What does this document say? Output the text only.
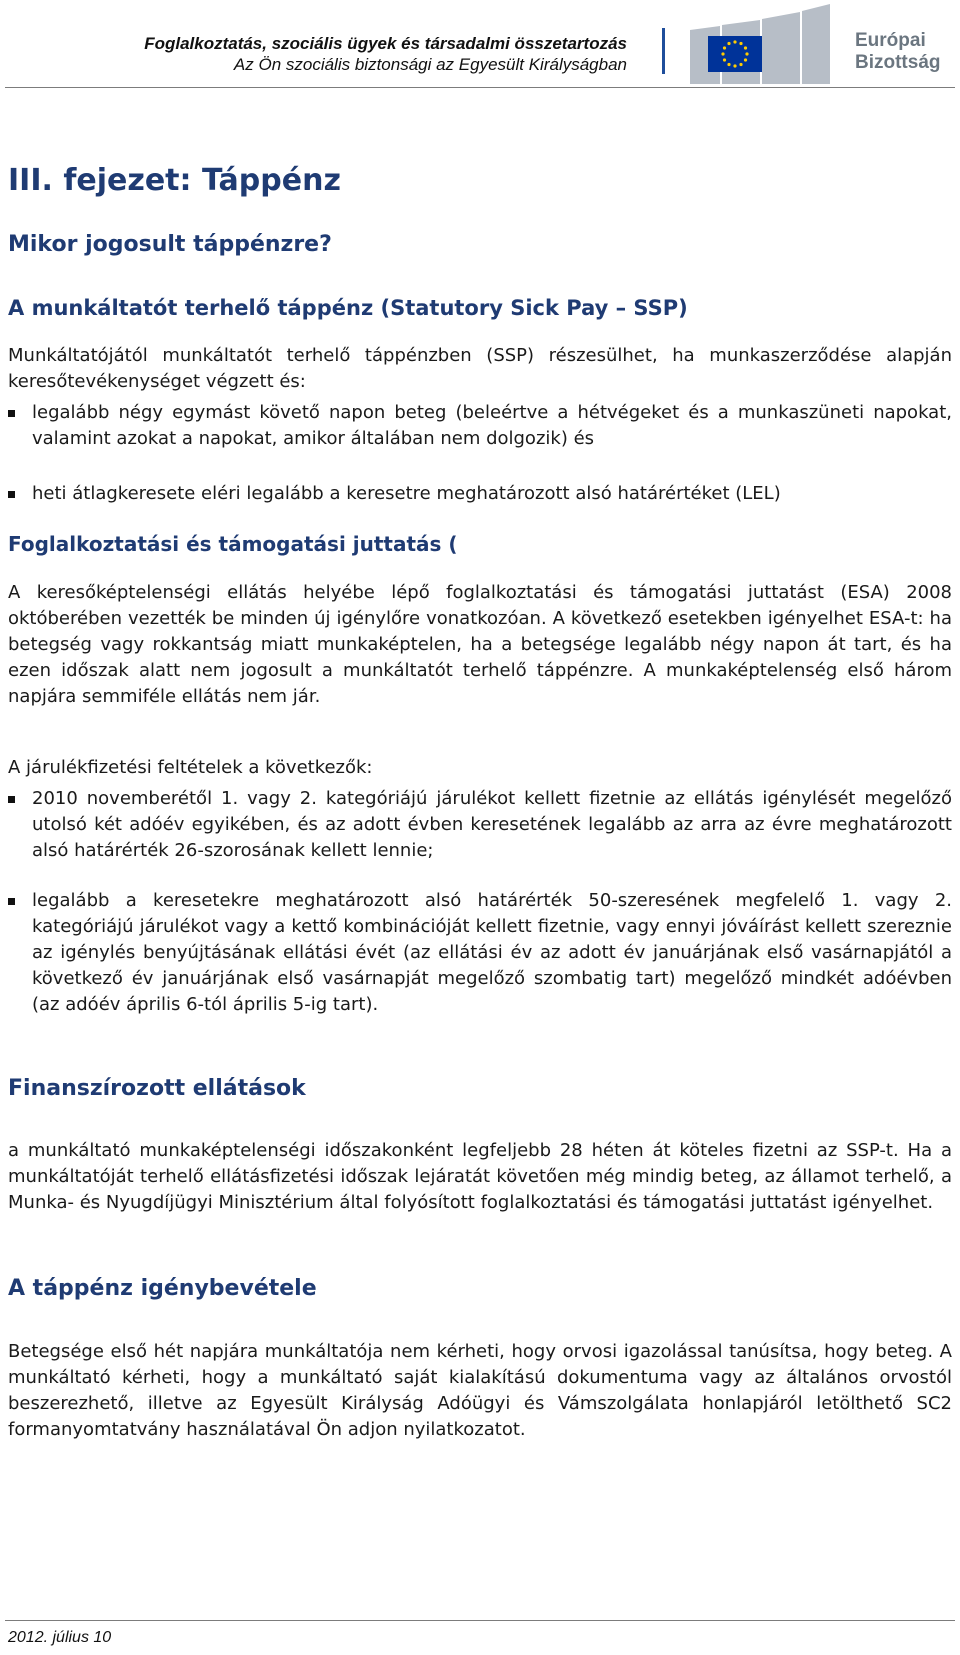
Foglalkoztatás, szociális ügyek és társadalmi összetartozás
Az Ön szociális biztonsági az Egyesült Királyságban
Európai
Bizottság
III. fejezet: Táppénz
Mikor jogosult táppénzre?
A munkáltatót terhelő táppénz (Statutory Sick Pay – SSP)
Munkáltatójától munkáltatót terhelő táppénzben (SSP) részesülhet, ha munkaszerződése alapján keresőtevékenységet végzett és:
legalább négy egymást követő napon beteg (beleértve a hétvégeket és a munkaszüneti napokat, valamint azokat a napokat, amikor általában nem dolgozik) és
heti átlagkeresete eléri legalább a keresetre meghatározott alsó határértéket (LEL)
Foglalkoztatási és támogatási juttatás (
A keresőképtelenségi ellátás helyébe lépő foglalkoztatási és támogatási juttatást (ESA) 2008 októberében vezették be minden új igénylőre vonatkozóan. A következő esetekben igényelhet ESA-t: ha betegség vagy rokkantság miatt munkaképtelen, ha a betegsége legalább négy napon át tart, és ha ezen időszak alatt nem jogosult a munkáltatót terhelő táppénzre. A munkaképtelenség első három napjára semmiféle ellátás nem jár.
A járulékfizetési feltételek a következők:
2010 novemberétől 1. vagy 2. kategóriájú járulékot kellett fizetnie az ellátás igénylését megelőző utolsó két adóév egyikében, és az adott évben keresetének legalább az arra az évre meghatározott alsó határérték 26-szorosának kellett lennie;
legalább a keresetekre meghatározott alsó határérték 50-szeresének megfelelő 1. vagy 2. kategóriájú járulékot vagy a kettő kombinációját kellett fizetnie, vagy ennyi jóváírást kellett szereznie az igénylés benyújtásának ellátási évét (az ellátási év az adott év januárjának első vasárnapjától a következő év januárjának első vasárnapját megelőző szombatig tart) megelőző mindkét adóévben (az adóév április 6-tól április 5-ig tart).
Finanszírozott ellátások
a munkáltató munkaképtelenségi időszakonként legfeljebb 28 héten át köteles fizetni az SSP-t. Ha a munkáltatóját terhelő ellátásfizetési időszak lejáratát követően még mindig beteg, az államot terhelő, a Munka- és Nyugdíjügyi Minisztérium által folyósított foglalkoztatási és támogatási juttatást igényelhet.
A táppénz igénybevétele
Betegsége első hét napjára munkáltatója nem kérheti, hogy orvosi igazolással tanúsítsa, hogy beteg. A munkáltató kérheti, hogy a munkáltató saját kialakítású dokumentuma vagy az általános orvostól beszerezhető, illetve az Egyesült Királyság Adóügyi és Vámszolgálata honlapjáról letölthető SC2 formanyomtatvány használatával Ön adjon nyilatkozatot.
2012. július 10
